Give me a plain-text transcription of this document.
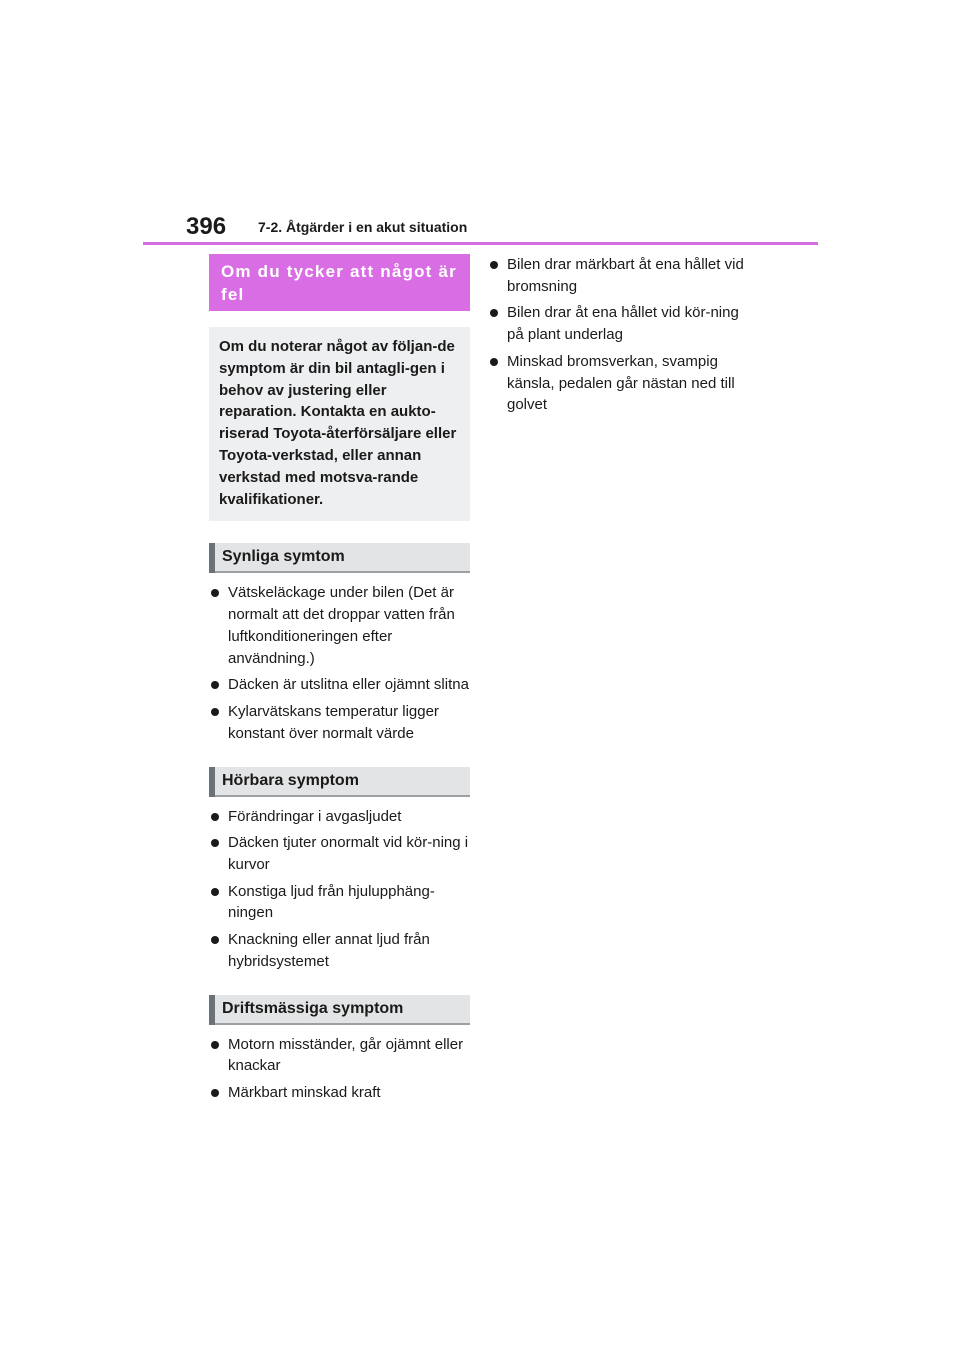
396 7-2. Åtgärder i en akut situation
Om du tycker att något är fel
Om du noterar något av följan-de symptom är din bil antagli-gen i behov av justering eller reparation. Kontakta en aukto-riserad Toyota-återförsäljare eller Toyota-verkstad, eller annan verkstad med motsva-rande kvalifikationer.
Synliga symtom
Vätskeläckage under bilen (Det är normalt att det droppar vatten från luftkonditioneringen efter användning.)
Däcken är utslitna eller ojämnt slitna
Kylarvätskans temperatur ligger konstant över normalt värde
Hörbara symptom
Förändringar i avgasljudet
Däcken tjuter onormalt vid kör-ning i kurvor
Konstiga ljud från hjulupphäng-ningen
Knackning eller annat ljud från hybridsystemet
Driftsmässiga symptom
Motorn misständer, går ojämnt eller knackar
Märkbart minskad kraft
Bilen drar märkbart åt ena hållet vid bromsning
Bilen drar åt ena hållet vid kör-ning på plant underlag
Minskad bromsverkan, svampig känsla, pedalen går nästan ned till golvet
